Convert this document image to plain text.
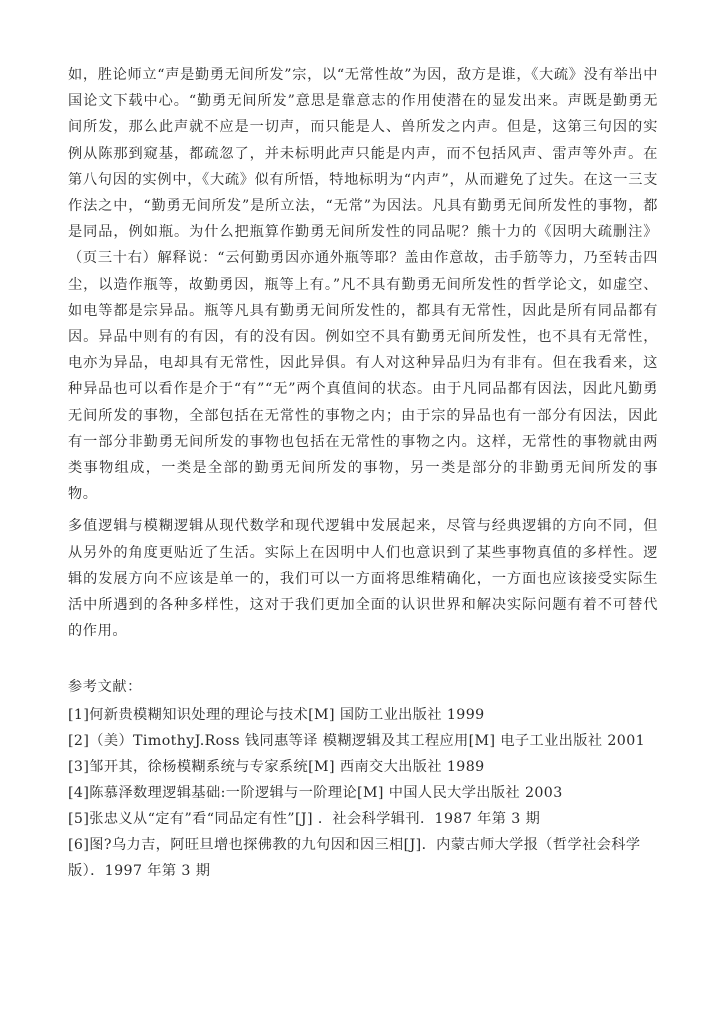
如，胜论师立“声是勤勇无间所发”宗，以“无常性故”为因，敌方是谁，《大疏》没有举出中国论文下载中心。“勤勇无间所发”意思是靠意志的作用使潜在的显发出来。声既是勤勇无间所发，那么此声就不应是一切声，而只能是人、兽所发之内声。但是，这第三句因的实例从陈那到窥基，都疏忽了，并未标明此声只能是内声，而不包括风声、雷声等外声。在第八句因的实例中，《大疏》似有所悟，特地标明为“内声”，从而避免了过失。在这一三支作法之中，“勤勇无间所发”是所立法，“无常”为因法。凡具有勤勇无间所发性的事物，都是同品，例如瓶。为什么把瓶算作勤勇无间所发性的同品呢？熊十力的《因明大疏删注》（页三十右）解释说：“云何勤勇因亦通外瓶等耶？盖由作意故，击手筋等力，乃至转击四尘，以造作瓶等，故勤勇因，瓶等上有。”凡不具有勤勇无间所发性的哲学论文，如虚空、如电等都是宗异品。瓶等凡具有勤勇无间所发性的，都具有无常性，因此是所有同品都有因。异品中则有的有因，有的没有因。例如空不具有勤勇无间所发性，也不具有无常性，电亦为异品，电却具有无常性，因此异俱。有人对这种异品归为有非有。但在我看来，这种异品也可以看作是介于“有”“无”两个真值间的状态。由于凡同品都有因法，因此凡勤勇无间所发的事物，全部包括在无常性的事物之内；由于宗的异品也有一部分有因法，因此有一部分非勤勇无间所发的事物也包括在无常性的事物之内。这样，无常性的事物就由两类事物组成，一类是全部的勤勇无间所发的事物，另一类是部分的非勤勇无间所发的事物。

多值逻辑与模糊逻辑从现代数学和现代逻辑中发展起来，尽管与经典逻辑的方向不同，但从另外的角度更贴近了生活。实际上在因明中人们也意识到了某些事物真值的多样性。逻辑的发展方向不应该是单一的，我们可以一方面将思维精确化，一方面也应该接受实际生活中所遇到的各种多样性，这对于我们更加全面的认识世界和解决实际问题有着不可替代的作用。

参考文献：

[1]何新贵模糊知识处理的理论与技术[M] 国防工业出版社 1999

[2]（美）TimothyJ.Ross 钱同惠等译 模糊逻辑及其工程应用[M] 电子工业出版社 2001

[3]邹开其，徐杨模糊系统与专家系统[M] 西南交大出版社 1989

[4]陈慕泽数理逻辑基础:一阶逻辑与一阶理论[M] 中国人民大学出版社 2003

[5]张忠义从“定有”看“同品定有性”[J] ．社会科学辑刊．1987 年第 3 期

[6]图?乌力吉，阿旺旦增也探佛教的九句因和因三相[J]．内蒙古师大学报（哲学社会科学版）．1997 年第 3 期
